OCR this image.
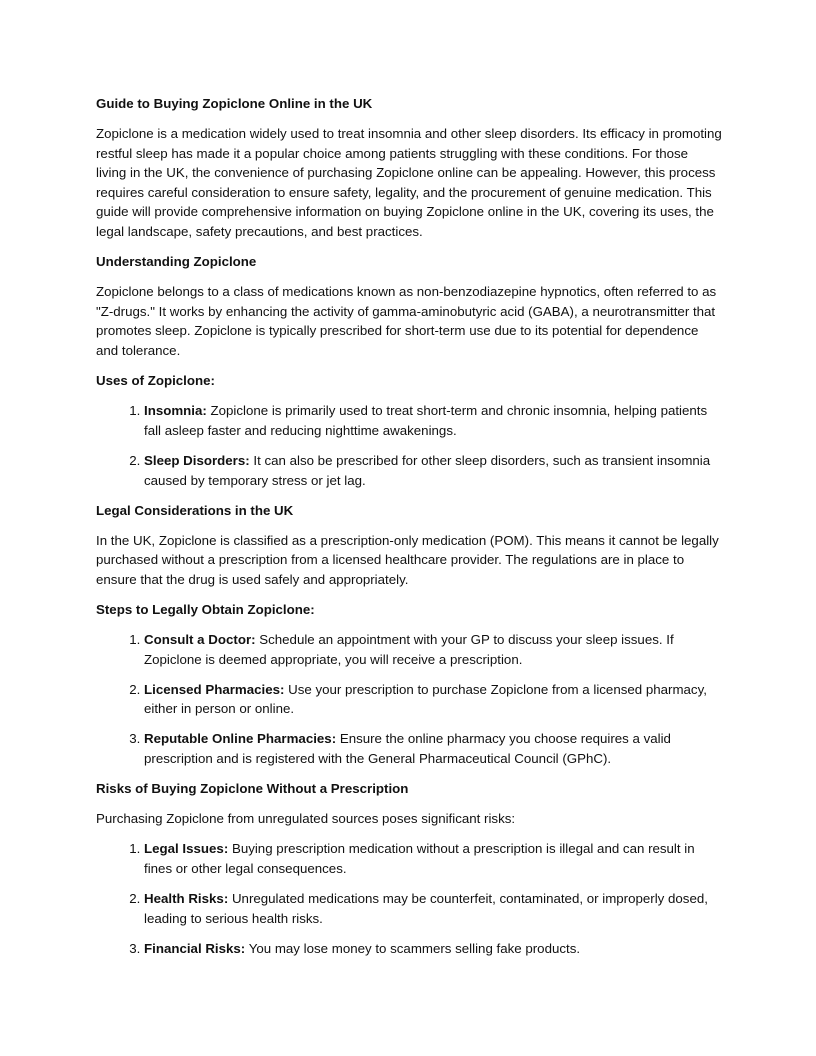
Guide to Buying Zopiclone Online in the UK

Zopiclone is a medication widely used to treat insomnia and other sleep disorders. Its efficacy in promoting restful sleep has made it a popular choice among patients struggling with these conditions. For those living in the UK, the convenience of purchasing Zopiclone online can be appealing. However, this process requires careful consideration to ensure safety, legality, and the procurement of genuine medication. This guide will provide comprehensive information on buying Zopiclone online in the UK, covering its uses, the legal landscape, safety precautions, and best practices.

Understanding Zopiclone

Zopiclone belongs to a class of medications known as non-benzodiazepine hypnotics, often referred to as "Z-drugs." It works by enhancing the activity of gamma-aminobutyric acid (GABA), a neurotransmitter that promotes sleep. Zopiclone is typically prescribed for short-term use due to its potential for dependence and tolerance.

Uses of Zopiclone:
1. Insomnia: Zopiclone is primarily used to treat short-term and chronic insomnia, helping patients fall asleep faster and reducing nighttime awakenings.
2. Sleep Disorders: It can also be prescribed for other sleep disorders, such as transient insomnia caused by temporary stress or jet lag.
Legal Considerations in the UK

In the UK, Zopiclone is classified as a prescription-only medication (POM). This means it cannot be legally purchased without a prescription from a licensed healthcare provider. The regulations are in place to ensure that the drug is used safely and appropriately.

Steps to Legally Obtain Zopiclone:
1. Consult a Doctor: Schedule an appointment with your GP to discuss your sleep issues. If Zopiclone is deemed appropriate, you will receive a prescription.
2. Licensed Pharmacies: Use your prescription to purchase Zopiclone from a licensed pharmacy, either in person or online.
3. Reputable Online Pharmacies: Ensure the online pharmacy you choose requires a valid prescription and is registered with the General Pharmaceutical Council (GPhC).
Risks of Buying Zopiclone Without a Prescription

Purchasing Zopiclone from unregulated sources poses significant risks:

1. Legal Issues: Buying prescription medication without a prescription is illegal and can result in fines or other legal consequences.
2. Health Risks: Unregulated medications may be counterfeit, contaminated, or improperly dosed, leading to serious health risks.
3. Financial Risks: You may lose money to scammers selling fake products.
